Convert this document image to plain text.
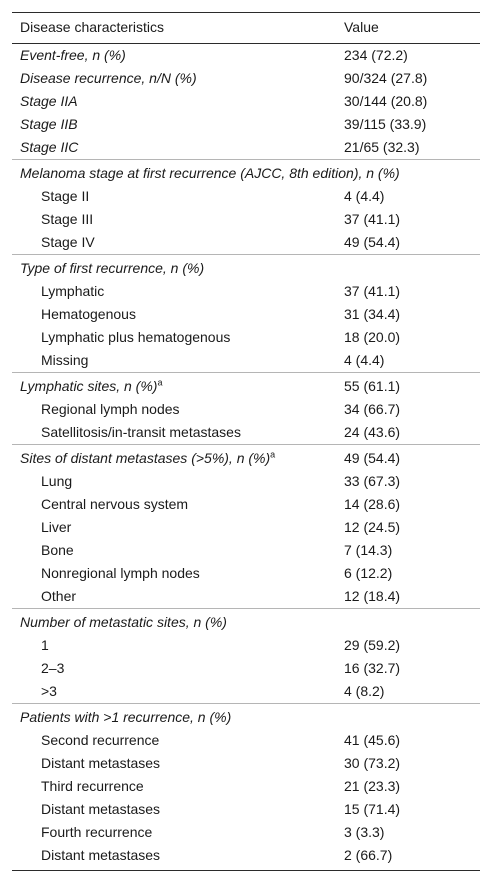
Disease characteristics	Value
Event-free, n (%)	234 (72.2)
Disease recurrence, n/N (%)	90/324 (27.8)
Stage IIA	30/144 (20.8)
Stage IIB	39/115 (33.9)
Stage IIC	21/65 (32.3)
Melanoma stage at first recurrence (AJCC, 8th edition), n (%)	
Stage II	4 (4.4)
Stage III	37 (41.1)
Stage IV	49 (54.4)
Type of first recurrence, n (%)	
Lymphatic	37 (41.1)
Hematogenous	31 (34.4)
Lymphatic plus hematogenous	18 (20.0)
Missing	4 (4.4)
Lymphatic sites, n (%)$^a$	55 (61.1)
Regional lymph nodes	34 (66.7)
Satellitosis/in-transit metastases	24 (43.6)
Sites of distant metastases (>5%), n (%)$^a$	49 (54.4)
Lung	33 (67.3)
Central nervous system	14 (28.6)
Liver	12 (24.5)
Bone	7 (14.3)
Nonregional lymph nodes	6 (12.2)
Other	12 (18.4)
Number of metastatic sites, n (%)	
1	29 (59.2)
2–3	16 (32.7)
>3	4 (8.2)
Patients with >1 recurrence, n (%)	
Second recurrence	41 (45.6)
Distant metastases	30 (73.2)
Third recurrence	21 (23.3)
Distant metastases	15 (71.4)
Fourth recurrence	3 (3.3)
Distant metastases	2 (66.7)
